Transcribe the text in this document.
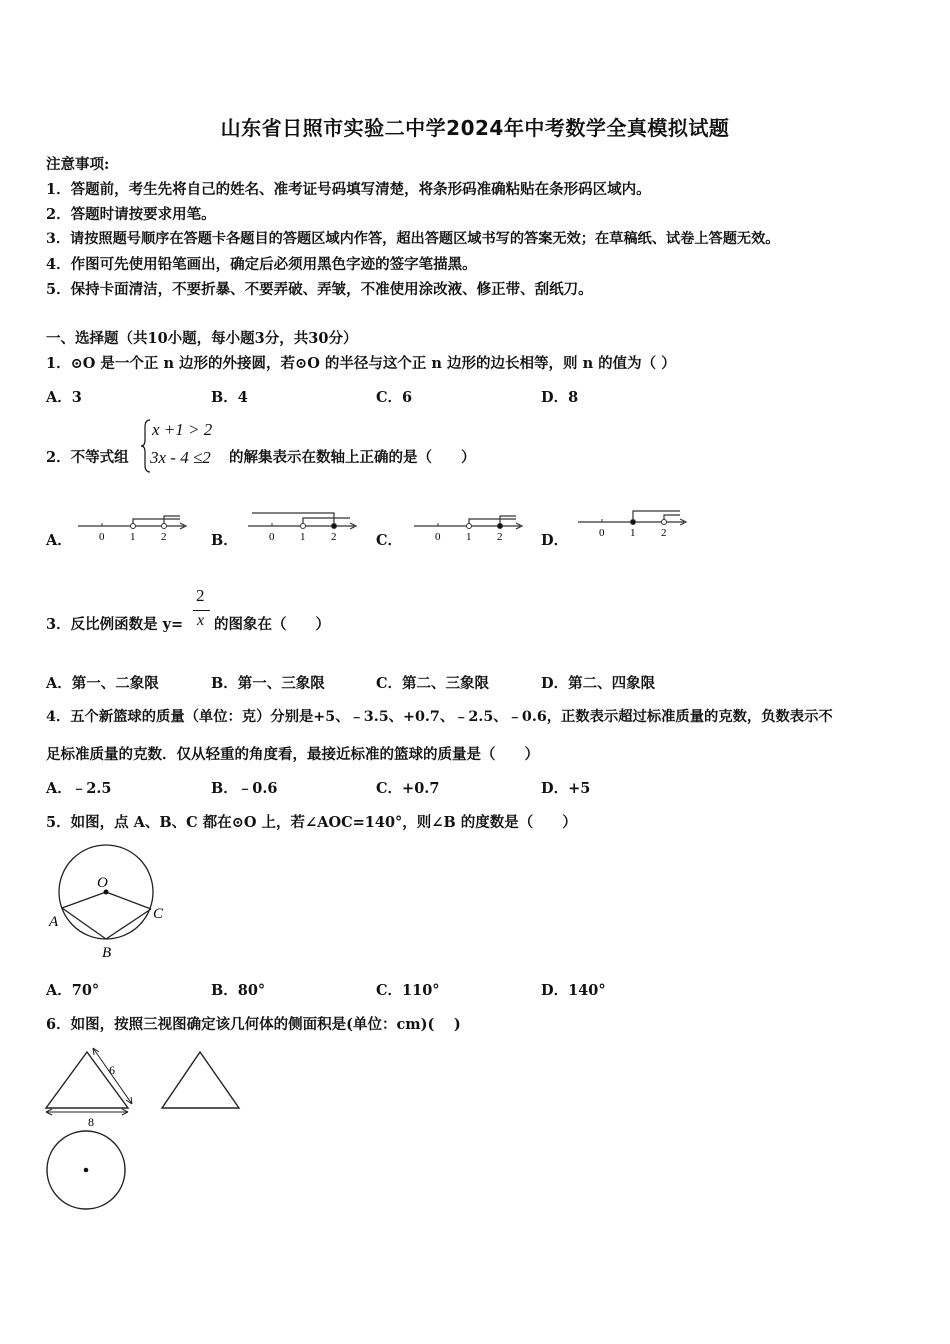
山东省日照市实验二中学2024年中考数学全真模拟试题
注意事项:
1．答题前，考生先将自己的姓名、准考证号码填写清楚，将条形码准确粘贴在条形码区域内。
2．答题时请按要求用笔。
3．请按照题号顺序在答题卡各题目的答题区域内作答，超出答题区域书写的答案无效；在草稿纸、试卷上答题无效。
4．作图可先使用铅笔画出，确定后必须用黑色字迹的签字笔描黑。
5．保持卡面清洁，不要折暴、不要弄破、弄皱，不准使用涂改液、修正带、刮纸刀。
一、选择题（共10小题，每小题3分，共30分）
1．⊙O 是一个正 n 边形的外接圆，若⊙O 的半径与这个正 n 边形的边长相等，则 n 的值为（ ）
A．3	B．4	C．6	D．8
2．不等式组
x +1 > 2
3x - 4 ≤2 的解集表示在数轴上正确的是（　　）
A．	B．	C．	D．
0 1 2	0 1 2	0 1 2	0 1 2
3．反比例函数是 y=
2
x 的图象在（　　）
A．第一、二象限	B．第一、三象限	C．第二、三象限	D．第二、四象限
4．五个新篮球的质量（单位：克）分别是+5、﹣3.5、+0.7、﹣2.5、﹣0.6，正数表示超过标准质量的克数，负数表示不
足标准质量的克数．仅从轻重的角度看，最接近标准的篮球的质量是（　　）
A．﹣2.5	B．﹣0.6	C．+0.7	D．+5
5．如图，点 A、B、C 都在⊙O 上，若∠AOC=140°，则∠B 的度数是（　　）
O
A
B
C
A．70°	B．80°	C．110°	D．140°
6．如图，按照三视图确定该几何体的侧面积是(单位：cm)(　 )
6
8
